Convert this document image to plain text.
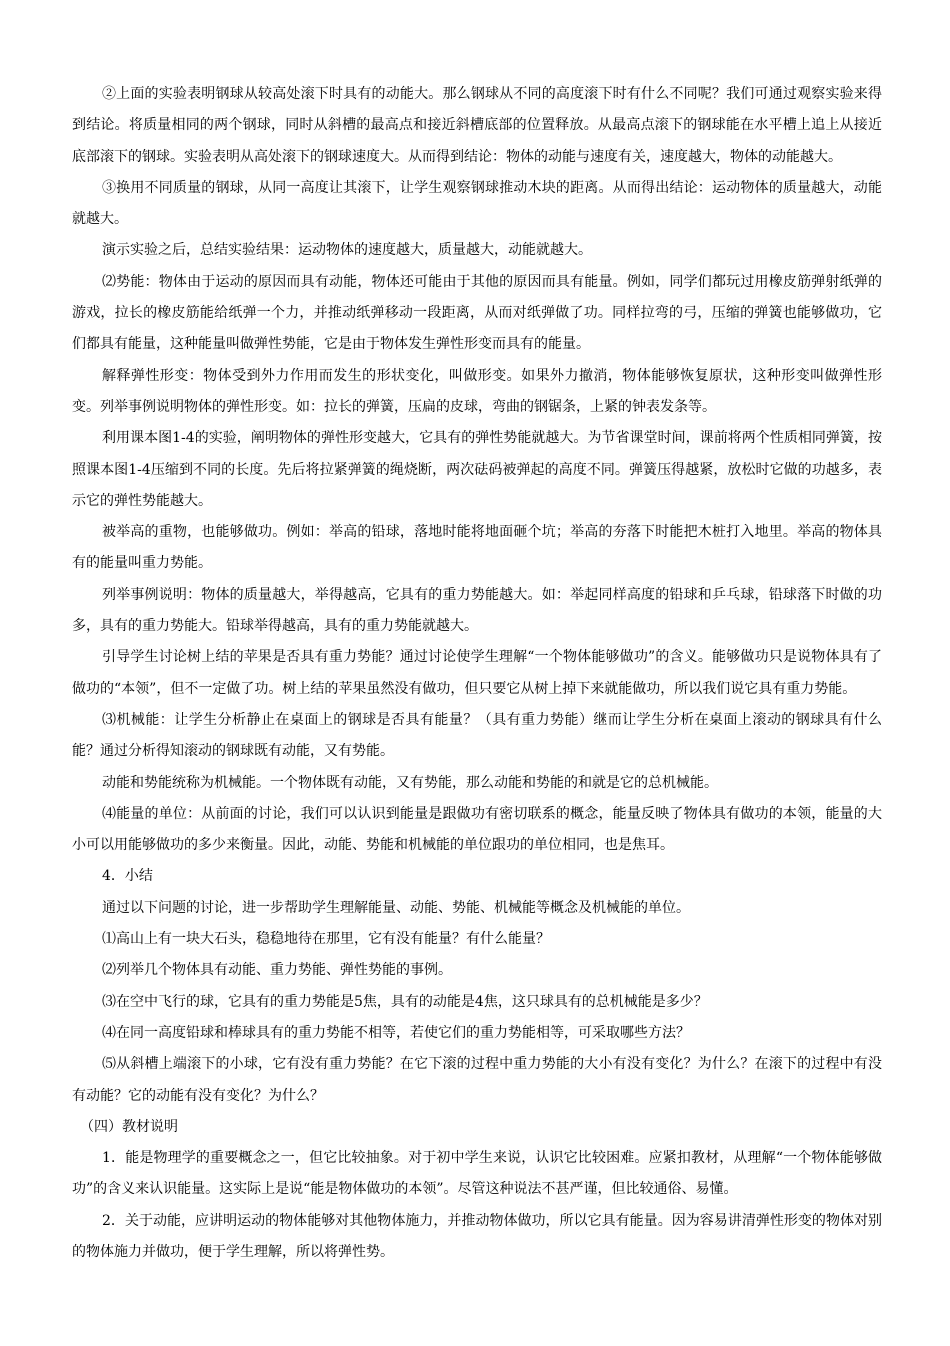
②上面的实验表明钢球从较高处滚下时具有的动能大。那么钢球从不同的高度滚下时有什么不同呢？我们可通过观察实验来得到结论。将质量相同的两个钢球，同时从斜槽的最高点和接近斜槽底部的位置释放。从最高点滚下的钢球能在水平槽上追上从接近底部滚下的钢球。实验表明从高处滚下的钢球速度大。从而得到结论：物体的动能与速度有关，速度越大，物体的动能越大。

③换用不同质量的钢球，从同一高度让其滚下，让学生观察钢球推动木块的距离。从而得出结论：运动物体的质量越大，动能就越大。

演示实验之后，总结实验结果：运动物体的速度越大，质量越大，动能就越大。

⑵势能：物体由于运动的原因而具有动能，物体还可能由于其他的原因而具有能量。例如，同学们都玩过用橡皮筋弹射纸弹的游戏，拉长的橡皮筋能给纸弹一个力，并推动纸弹移动一段距离，从而对纸弹做了功。同样拉弯的弓，压缩的弹簧也能够做功，它们都具有能量，这种能量叫做弹性势能，它是由于物体发生弹性形变而具有的能量。

解释弹性形变：物体受到外力作用而发生的形状变化，叫做形变。如果外力撤消，物体能够恢复原状，这种形变叫做弹性形变。列举事例说明物体的弹性形变。如：拉长的弹簧，压扁的皮球，弯曲的钢锯条，上紧的钟表发条等。

利用课本图1-4的实验，阐明物体的弹性形变越大，它具有的弹性势能就越大。为节省课堂时间，课前将两个性质相同弹簧，按照课本图1-4压缩到不同的长度。先后将拉紧弹簧的绳烧断，两次砝码被弹起的高度不同。弹簧压得越紧，放松时它做的功越多，表示它的弹性势能越大。

被举高的重物，也能够做功。例如：举高的铅球，落地时能将地面砸个坑；举高的夯落下时能把木桩打入地里。举高的物体具有的能量叫重力势能。

列举事例说明：物体的质量越大，举得越高，它具有的重力势能越大。如：举起同样高度的铅球和乒乓球，铅球落下时做的功多，具有的重力势能大。铅球举得越高，具有的重力势能就越大。

引导学生讨论树上结的苹果是否具有重力势能？通过讨论使学生理解“一个物体能够做功”的含义。能够做功只是说物体具有了做功的“本领”，但不一定做了功。树上结的苹果虽然没有做功，但只要它从树上掉下来就能做功，所以我们说它具有重力势能。

⑶机械能：让学生分析静止在桌面上的钢球是否具有能量？（具有重力势能）继而让学生分析在桌面上滚动的钢球具有什么能？通过分析得知滚动的钢球既有动能，又有势能。

动能和势能统称为机械能。一个物体既有动能，又有势能，那么动能和势能的和就是它的总机械能。

⑷能量的单位：从前面的讨论，我们可以认识到能量是跟做功有密切联系的概念，能量反映了物体具有做功的本领，能量的大小可以用能够做功的多少来衡量。因此，动能、势能和机械能的单位跟功的单位相同，也是焦耳。

4．小结

通过以下问题的讨论，进一步帮助学生理解能量、动能、势能、机械能等概念及机械能的单位。

⑴高山上有一块大石头，稳稳地待在那里，它有没有能量？有什么能量？

⑵列举几个物体具有动能、重力势能、弹性势能的事例。

⑶在空中飞行的球，它具有的重力势能是5焦，具有的动能是4焦，这只球具有的总机械能是多少？

⑷在同一高度铅球和棒球具有的重力势能不相等，若使它们的重力势能相等，可采取哪些方法？

⑸从斜槽上端滚下的小球，它有没有重力势能？在它下滚的过程中重力势能的大小有没有变化？为什么？在滚下的过程中有没有动能？它的动能有没有变化？为什么？

（四）教材说明

1．能是物理学的重要概念之一，但它比较抽象。对于初中学生来说，认识它比较困难。应紧扣教材，从理解“一个物体能够做功”的含义来认识能量。这实际上是说“能是物体做功的本领”。尽管这种说法不甚严谨，但比较通俗、易懂。

2．关于动能，应讲明运动的物体能够对其他物体施力，并推动物体做功，所以它具有能量。因为容易讲清弹性形变的物体对别的物体施力并做功，便于学生理解，所以将弹性势。
